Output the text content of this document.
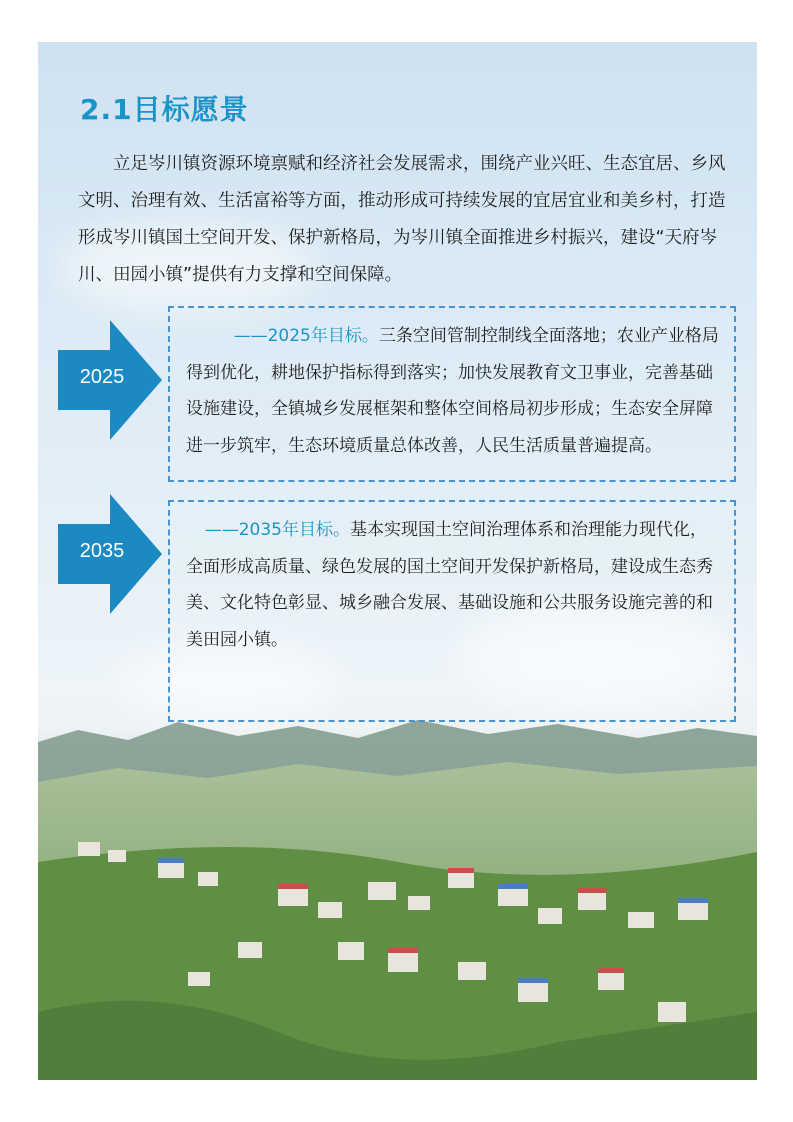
2.1目标愿景

立足岑川镇资源环境禀赋和经济社会发展需求，围绕产业兴旺、生态宜居、乡风文明、治理有效、生活富裕等方面，推动形成可持续发展的宜居宜业和美乡村，打造形成岑川镇国土空间开发、保护新格局，为岑川镇全面推进乡村振兴，建设“天府岑川、田园小镇”提供有力支撑和空间保障。

2025

——2025年目标。三条空间管制控制线全面落地；农业产业格局得到优化，耕地保护指标得到落实；加快发展教育文卫事业，完善基础设施建设，全镇城乡发展框架和整体空间格局初步形成；生态安全屏障进一步筑牢，生态环境质量总体改善，人民生活质量普遍提高。

2035

——2035年目标。基本实现国土空间治理体系和治理能力现代化，全面形成高质量、绿色发展的国土空间开发保护新格局，建设成生态秀美、文化特色彰显、城乡融合发展、基础设施和公共服务设施完善的和美田园小镇。
